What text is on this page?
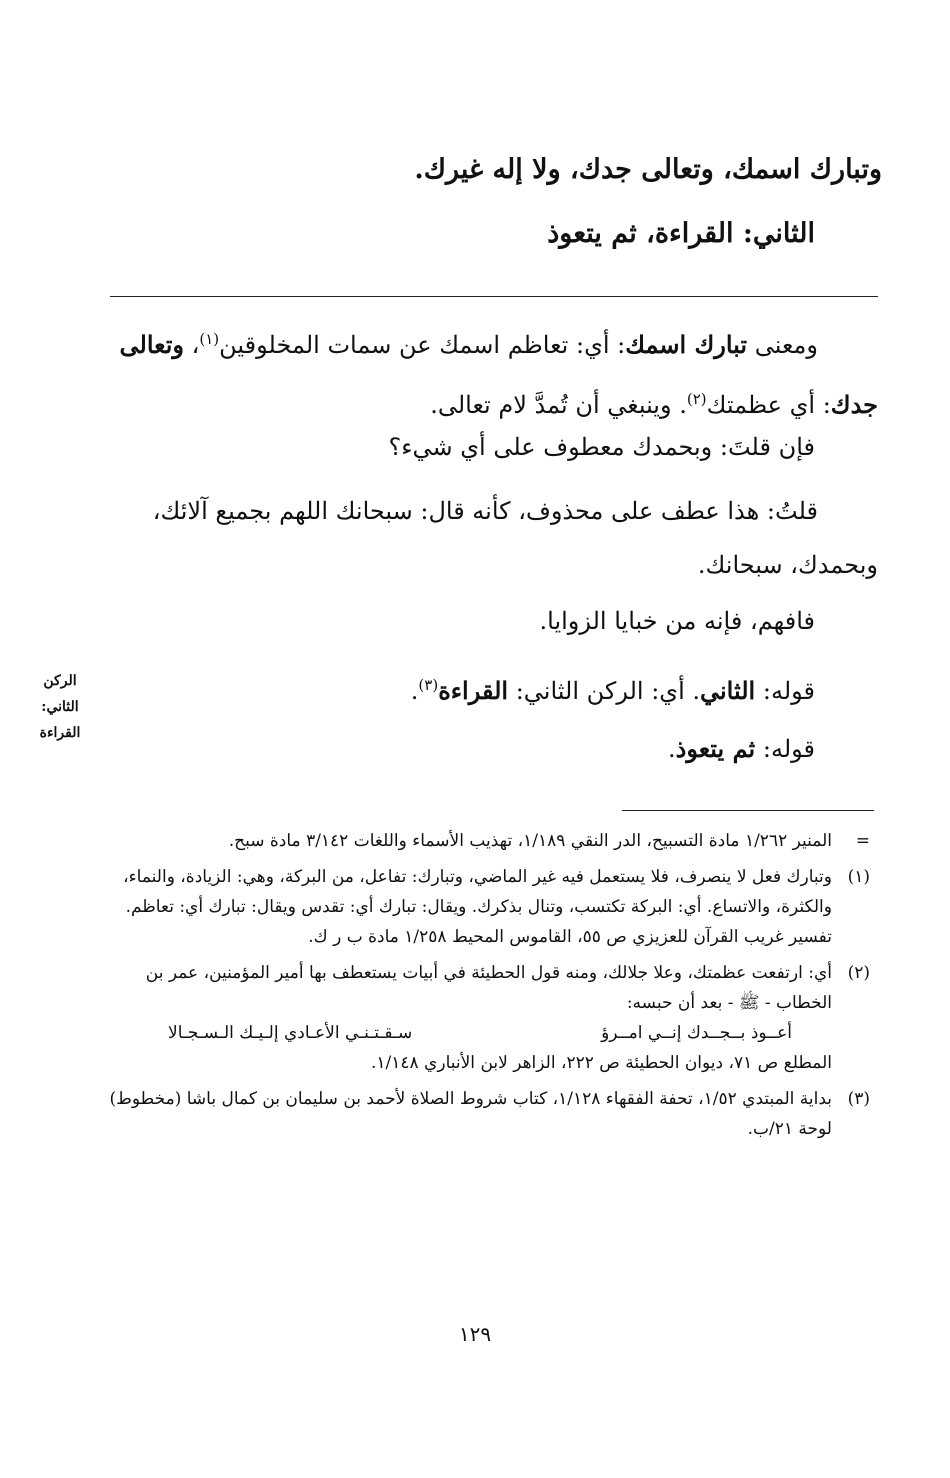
وتبارك اسمك، وتعالى جدك، ولا إله غيرك.
الثاني: القراءة، ثم يتعوذ
ومعنى تبارك اسمك: أي: تعاظم اسمك عن سمات المخلوقين$^{(١)}$، وتعالى جدك: أي عظمتك$^{(٢)}$. وينبغي أن تُمدَّ لام تعالى.
فإن قلتَ: وبحمدك معطوف على أي شيء؟
قلتُ: هذا عطف على محذوف، كأنه قال: سبحانك اللهم بجميع آلائك، وبحمدك، سبحانك.
فافهم، فإنه من خبايا الزوايا.
قوله: الثاني. أي: الركن الثاني: القراءة$^{(٣)}$.
قوله: ثم يتعوذ.
الركن
الثاني:
القراءة
=
المنير ١/٢٦٢ مادة التسبيح، الدر النقي ١/١٨٩، تهذيب الأسماء واللغات ٣/١٤٢ مادة سبح.
(١)
وتبارك فعل لا ينصرف، فلا يستعمل فيه غير الماضي، وتبارك: تفاعل، من البركة، وهي: الزيادة، والنماء، والكثرة، والاتساع. أي: البركة تكتسب، وتنال بذكرك. ويقال: تبارك أي: تقدس ويقال: تبارك أي: تعاظم.
تفسير غريب القرآن للعزيزي ص ٥٥، القاموس المحيط ١/٢٥٨ مادة ب ر ك.
(٢)
أي: ارتفعت عظمتك، وعلا جلالك، ومنه قول الحطيئة في أبيات يستعطف بها أمير المؤمنين، عمر بن الخطاب - ﷺ - بعد أن حبسه:
أعــوذ بــجــدك إنــي امــرؤ
سـقـتـنـي الأعـادي إلـيـك الـسـجـالا
المطلع ص ٧١، ديوان الحطيئة ص ٢٢٢، الزاهر لابن الأنباري ١/١٤٨.
(٣)
بداية المبتدي ١/٥٢، تحفة الفقهاء ١/١٢٨، كتاب شروط الصلاة لأحمد بن سليمان بن كمال باشا (مخطوط) لوحة ٢١/ب.
١٢٩
